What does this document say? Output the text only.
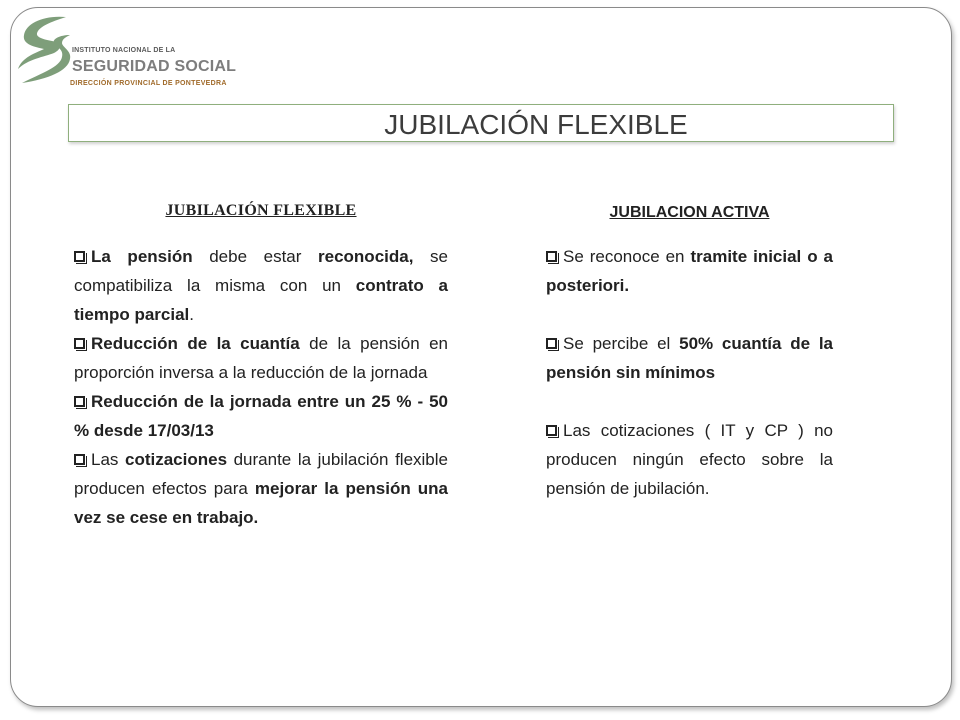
INSTITUTO NACIONAL DE LA
SEGURIDAD SOCIAL
DIRECCIÓN PROVINCIAL DE PONTEVEDRA
JUBILACIÓN FLEXIBLE
JUBILACIÓN FLEXIBLE

La pensión debe estar reconocida, se compatibiliza la misma con un contrato a tiempo parcial.

Reducción de la cuantía de la pensión en proporción inversa a la reducción de la jornada

Reducción de la jornada entre un 25 % - 50 % desde 17/03/13

Las cotizaciones durante la jubilación flexible producen efectos para mejorar la pensión una vez se cese en trabajo.

JUBILACION ACTIVA

Se reconoce en tramite inicial o a posteriori.

Se percibe el 50% cuantía de la pensión sin mínimos

Las cotizaciones ( IT y CP ) no producen ningún efecto sobre la pensión de jubilación.
